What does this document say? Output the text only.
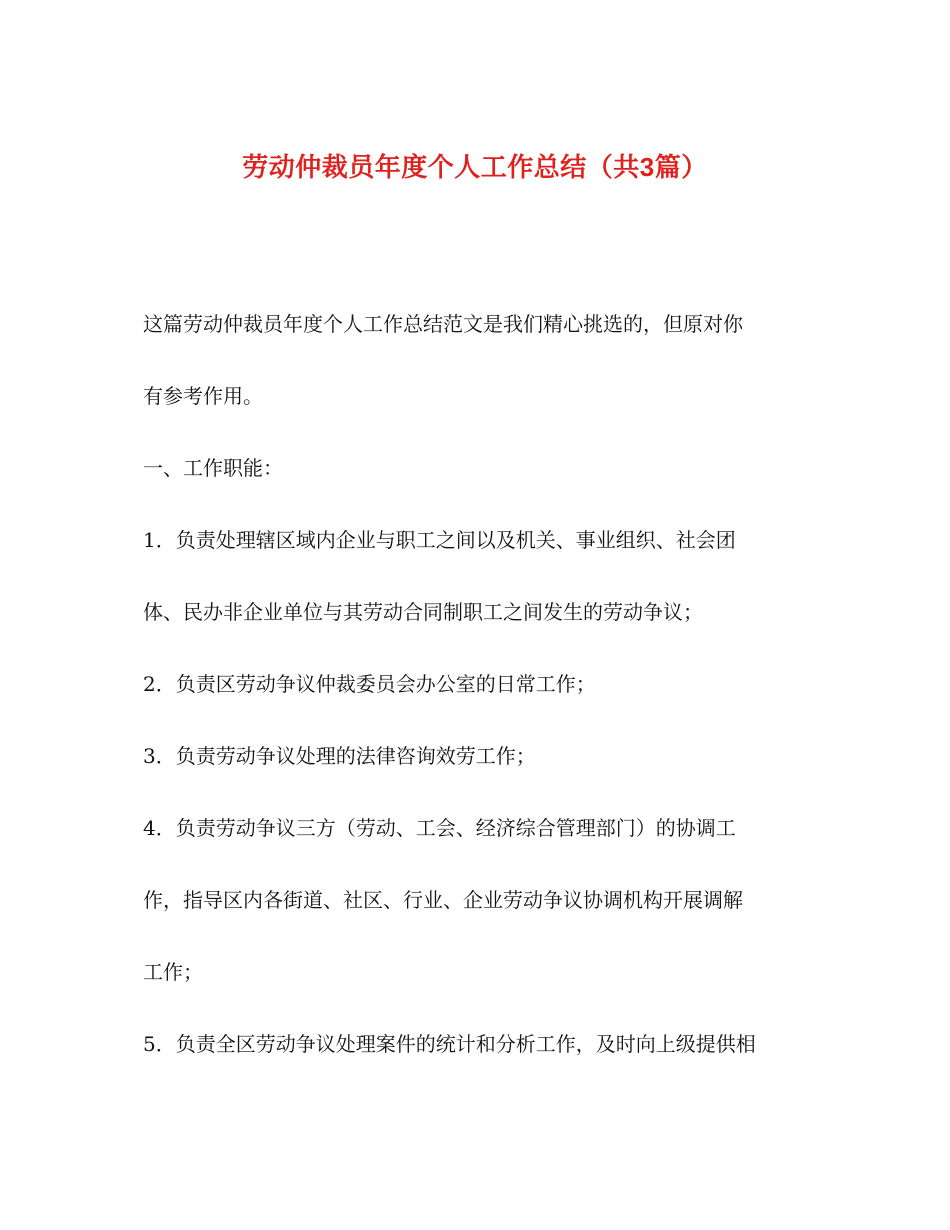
劳动仲裁员年度个人工作总结（共3篇）

这篇劳动仲裁员年度个人工作总结范文是我们精心挑选的，但原对你

有参考作用。

一、工作职能：

1．负责处理辖区域内企业与职工之间以及机关、事业组织、社会团

体、民办非企业单位与其劳动合同制职工之间发生的劳动争议；

2．负责区劳动争议仲裁委员会办公室的日常工作；

3．负责劳动争议处理的法律咨询效劳工作；

4．负责劳动争议三方（劳动、工会、经济综合管理部门）的协调工

作，指导区内各街道、社区、行业、企业劳动争议协调机构开展调解

工作；

5．负责全区劳动争议处理案件的统计和分析工作，及时向上级提供相
